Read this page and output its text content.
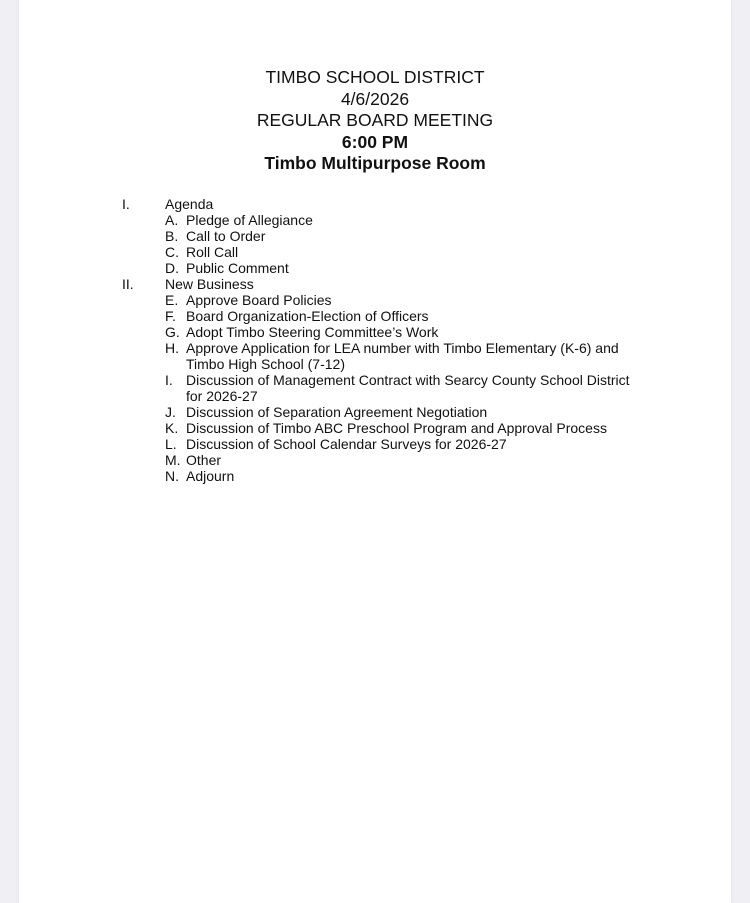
TIMBO SCHOOL DISTRICT
4/6/2026
REGULAR BOARD MEETING
6:00 PM
Timbo Multipurpose Room
I.	Agenda
A. Pledge of Allegiance
B. Call to Order
C. Roll Call
D. Public Comment
II. New Business
E. Approve Board Policies
F. Board Organization-Election of Officers
G. Adopt Timbo Steering Committee’s Work
H. Approve Application for LEA number with Timbo Elementary (K-6) and
Timbo High School (7-12)
I. Discussion of Management Contract with Searcy County School District
for 2026-27
J. Discussion of Separation Agreement Negotiation
K. Discussion of Timbo ABC Preschool Program and Approval Process
L. Discussion of School Calendar Surveys for 2026-27
M. Other
N. Adjourn
